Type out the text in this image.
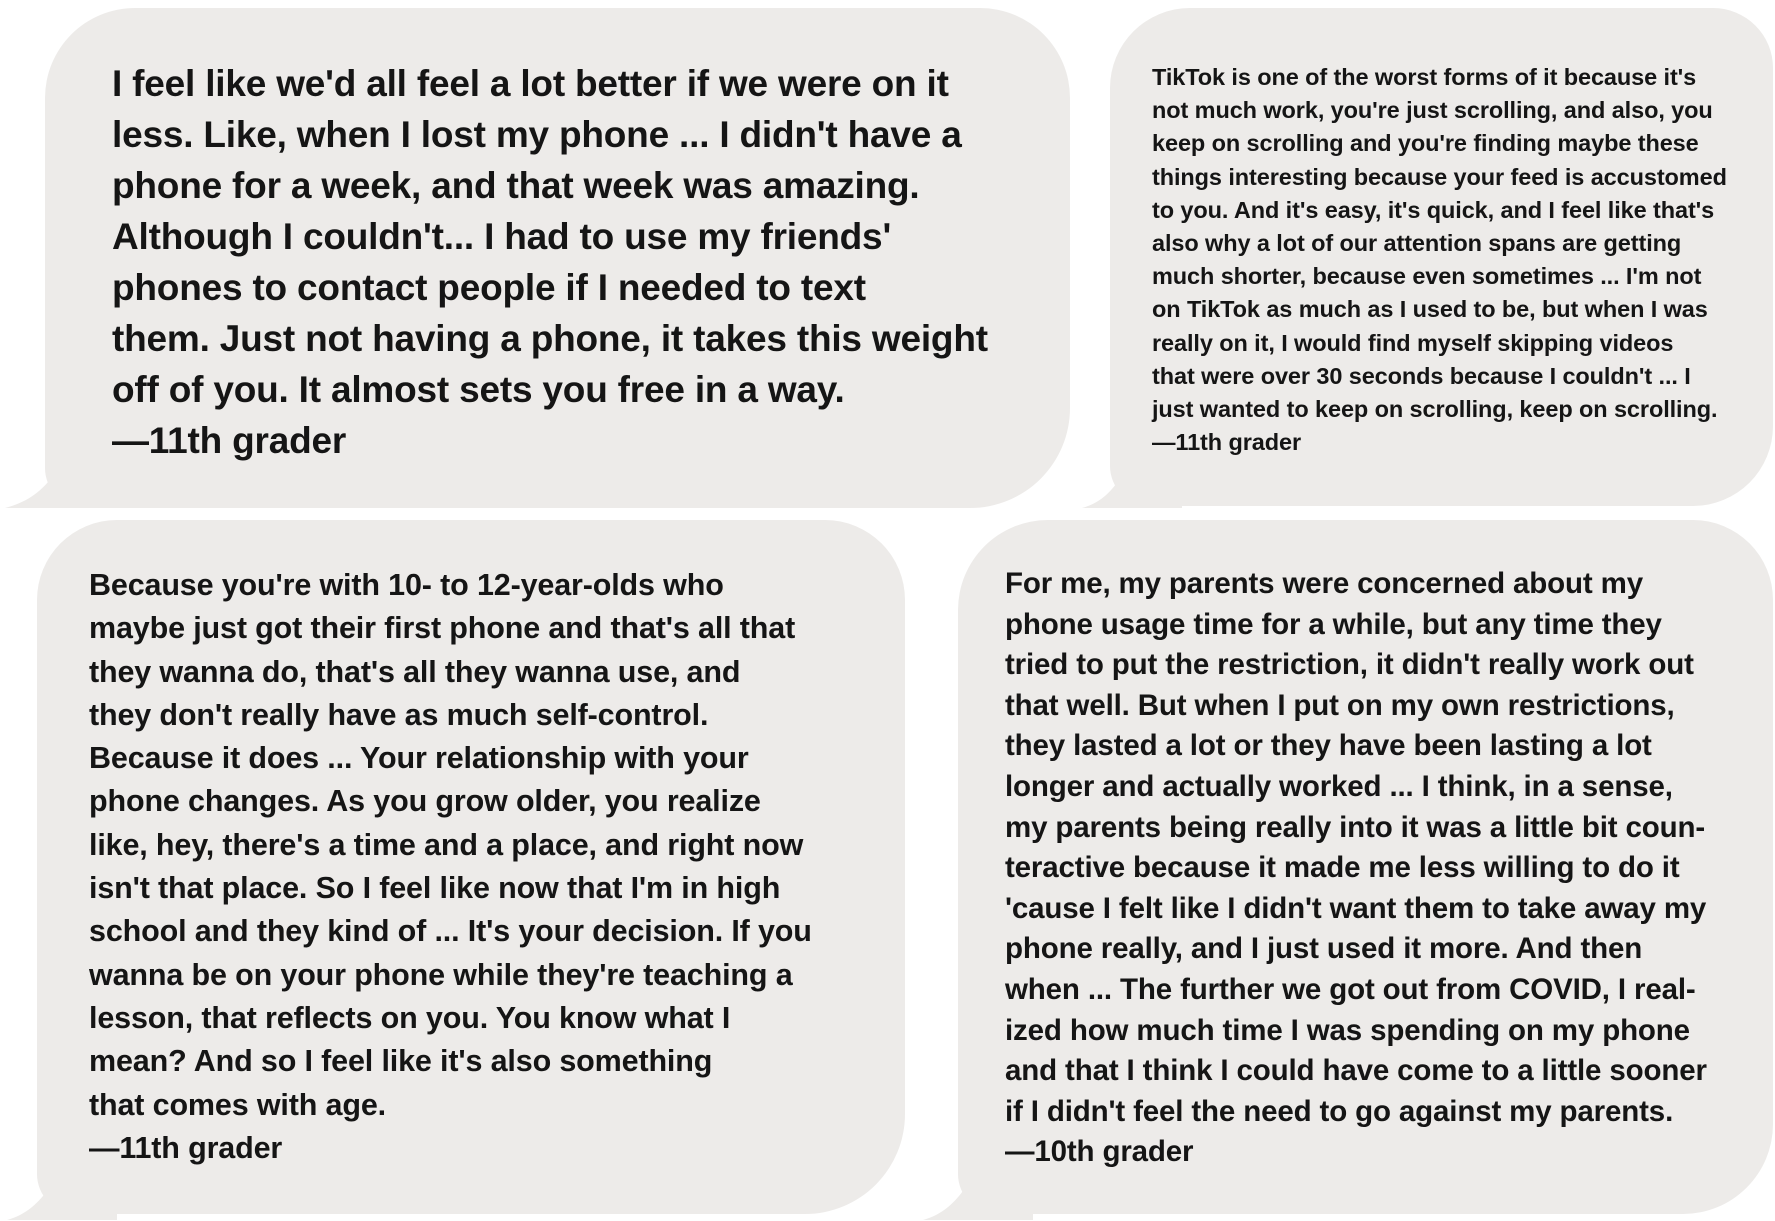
I feel like we'd all feel a lot better if we were on it
less. Like, when I lost my phone ... I didn't have a
phone for a week, and that week was amazing.
Although I couldn't... I had to use my friends'
phones to contact people if I needed to text
them. Just not having a phone, it takes this weight
off of you. It almost sets you free in a way.
—11th grader
TikTok is one of the worst forms of it because it's
not much work, you're just scrolling, and also, you
keep on scrolling and you're finding maybe these
things interesting because your feed is accustomed
to you. And it's easy, it's quick, and I feel like that's
also why a lot of our attention spans are getting
much shorter, because even sometimes ... I'm not
on TikTok as much as I used to be, but when I was
really on it, I would find myself skipping videos
that were over 30 seconds because I couldn't ... I
just wanted to keep on scrolling, keep on scrolling.
—11th grader
Because you're with 10- to 12-year-olds who
maybe just got their first phone and that's all that
they wanna do, that's all they wanna use, and
they don't really have as much self-control.
Because it does ... Your relationship with your
phone changes. As you grow older, you realize
like, hey, there's a time and a place, and right now
isn't that place. So I feel like now that I'm in high
school and they kind of ... It's your decision. If you
wanna be on your phone while they're teaching a
lesson, that reflects on you. You know what I
mean? And so I feel like it's also something
that comes with age.
—11th grader
For me, my parents were concerned about my
phone usage time for a while, but any time they
tried to put the restriction, it didn't really work out
that well. But when I put on my own restrictions,
they lasted a lot or they have been lasting a lot
longer and actually worked ... I think, in a sense,
my parents being really into it was a little bit coun-
teractive because it made me less willing to do it
'cause I felt like I didn't want them to take away my
phone really, and I just used it more. And then
when ... The further we got out from COVID, I real-
ized how much time I was spending on my phone
and that I think I could have come to a little sooner
if I didn't feel the need to go against my parents.
—10th grader
